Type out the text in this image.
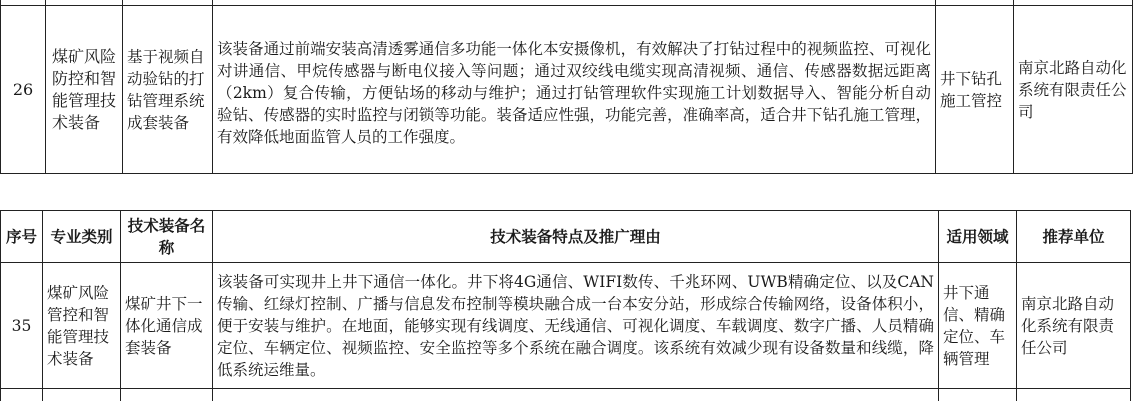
26	煤矿风险防控和智能管理技术装备	基于视频自动验钻的打钻管理系统成套装备	该装备通过前端安装高清透雾通信多功能一体化本安摄像机，有效解决了打钻过程中的视频监控、可视化对讲通信、甲烷传感器与断电仪接入等问题；通过双绞线电缆实现高清视频、通信、传感器数据远距离（2km）复合传输，方便钻场的移动与维护；通过打钻管理软件实现施工计划数据导入、智能分析自动验钻、传感器的实时监控与闭锁等功能。装备适应性强，功能完善，准确率高，适合井下钻孔施工管理，有效降低地面监管人员的工作强度。	井下钻孔施工管控	南京北路自动化系统有限责任公司
序号	专业类别	技术装备名称	技术装备特点及推广理由	适用领域	推荐单位
35	煤矿风险管控和智能管理技术装备	煤矿井下一体化通信成套装备	该装备可实现井上井下通信一体化。井下将4G通信、WIFI数传、千兆环网、UWB精确定位、以及CAN传输、红绿灯控制、广播与信息发布控制等模块融合成一台本安分站，形成综合传输网络，设备体积小，便于安装与维护。在地面，能够实现有线调度、无线通信、可视化调度、车载调度、数字广播、人员精确定位、车辆定位、视频监控、安全监控等多个系统在融合调度。该系统有效减少现有设备数量和线缆，降低系统运维量。	井下通信、精确定位、车辆管理	南京北路自动化系统有限责任公司
